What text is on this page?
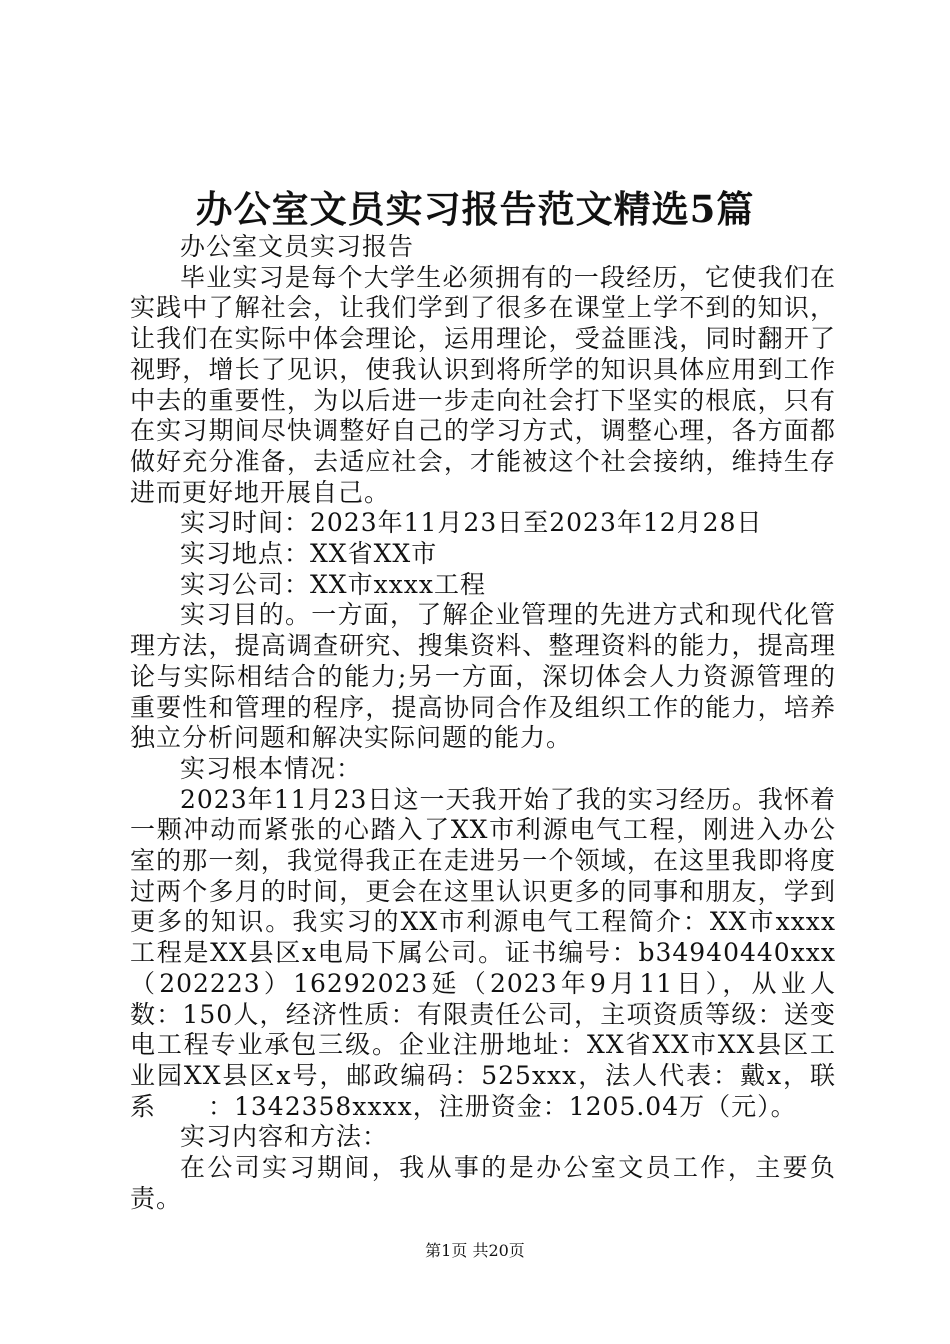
办公室文员实习报告范文精选5篇

办公室文员实习报告

毕业实习是每个大学生必须拥有的一段经历，它使我们在实践中了解社会，让我们学到了很多在课堂上学不到的知识，让我们在实际中体会理论，运用理论，受益匪浅，同时翻开了视野，增长了见识，使我认识到将所学的知识具体应用到工作中去的重要性，为以后进一步走向社会打下坚实的根底，只有在实习期间尽快调整好自己的学习方式，调整心理，各方面都做好充分准备，去适应社会，才能被这个社会接纳，维持生存进而更好地开展自己。

实习时间：2023年11月23日至2023年12月28日

实习地点：XX省XX市

实习公司：XX市xxxx工程

实习目的。一方面，了解企业管理的先进方式和现代化管理方法，提高调查研究、搜集资料、整理资料的能力，提高理论与实际相结合的能力;另一方面，深切体会人力资源管理的重要性和管理的程序，提高协同合作及组织工作的能力，培养独立分析问题和解决实际问题的能力。

实习根本情况：

2023年11月23日这一天我开始了我的实习经历。我怀着一颗冲动而紧张的心踏入了XX市利源电气工程，刚进入办公室的那一刻，我觉得我正在走进另一个领域，在这里我即将度过两个多月的时间，更会在这里认识更多的同事和朋友，学到更多的知识。我实习的XX市利源电气工程简介：XX市xxxx工程是XX县区x电局下属公司。证书编号：b34940440xxx（202223）16292023延（2023年9月11日），从业人数：150人，经济性质：有限责任公司，主项资质等级：送变电工程专业承包三级。企业注册地址：XX省XX市XX县区工业园XX县区x号，邮政编码：525xxx，法人代表：戴x，联系　　：1342358xxxx，注册资金：1205.04万（元）。

实习内容和方法：

在公司实习期间，我从事的是办公室文员工作，主要负责。

第1页 共20页
